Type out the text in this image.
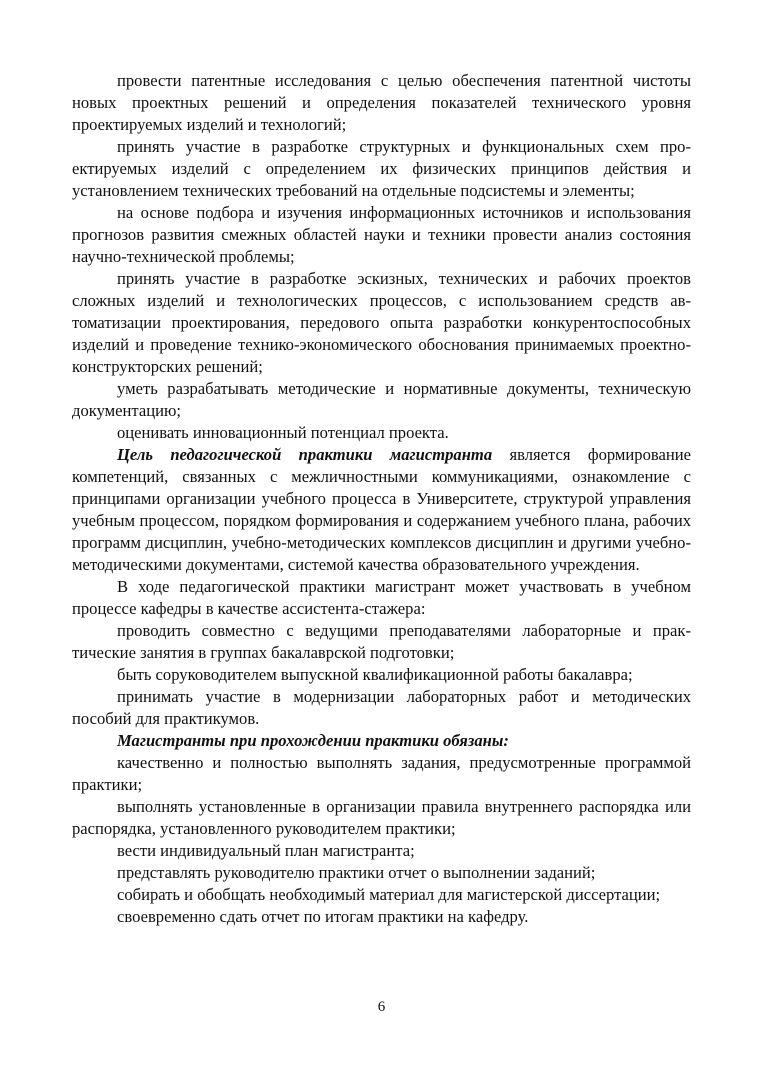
провести патентные исследования с целью обеспечения патентной чистоты новых проектных решений и определения показателей технического уровня проектируемых изделий и технологий;

принять участие в разработке структурных и функциональных схем проектируемых изделий с определением их физических принципов действия и установлением технических требований на отдельные подсистемы и элементы;

на основе подбора и изучения информационных источников и использования прогнозов развития смежных областей науки и техники провести анализ состояния научно-технической проблемы;

принять участие в разработке эскизных, технических и рабочих проектов сложных изделий и технологических процессов, с использованием средств автоматизации проектирования, передового опыта разработки конкурентоспособных изделий и проведение технико-экономического обоснования принимаемых проектно-конструкторских решений;

уметь разрабатывать методические и нормативные документы, техническую документацию;

оценивать инновационный потенциал проекта.

Цель педагогической практики магистранта является формирование компетенций, связанных с межличностными коммуникациями, ознакомление с принципами организации учебного процесса в Университете, структурой управления учебным процессом, порядком формирования и содержанием учебного плана, рабочих программ дисциплин, учебно-методических комплексов дисциплин и другими учебно-методическими документами, системой качества образовательного учреждения.

В ходе педагогической практики магистрант может участвовать в учебном процессе кафедры в качестве ассистента-стажера:

проводить совместно с ведущими преподавателями лабораторные и практические занятия в группах бакалаврской подготовки;

быть соруководителем выпускной квалификационной работы бакалавра;

принимать участие в модернизации лабораторных работ и методических пособий для практикумов.

Магистранты при прохождении практики обязаны:

качественно и полностью выполнять задания, предусмотренные программой практики;

выполнять установленные в организации правила внутреннего распорядка или распорядка, установленного руководителем практики;

вести индивидуальный план магистранта;

представлять руководителю практики отчет о выполнении заданий;

собирать и обобщать необходимый материал для магистерской диссертации;

своевременно сдать отчет по итогам практики на кафедру.

6
